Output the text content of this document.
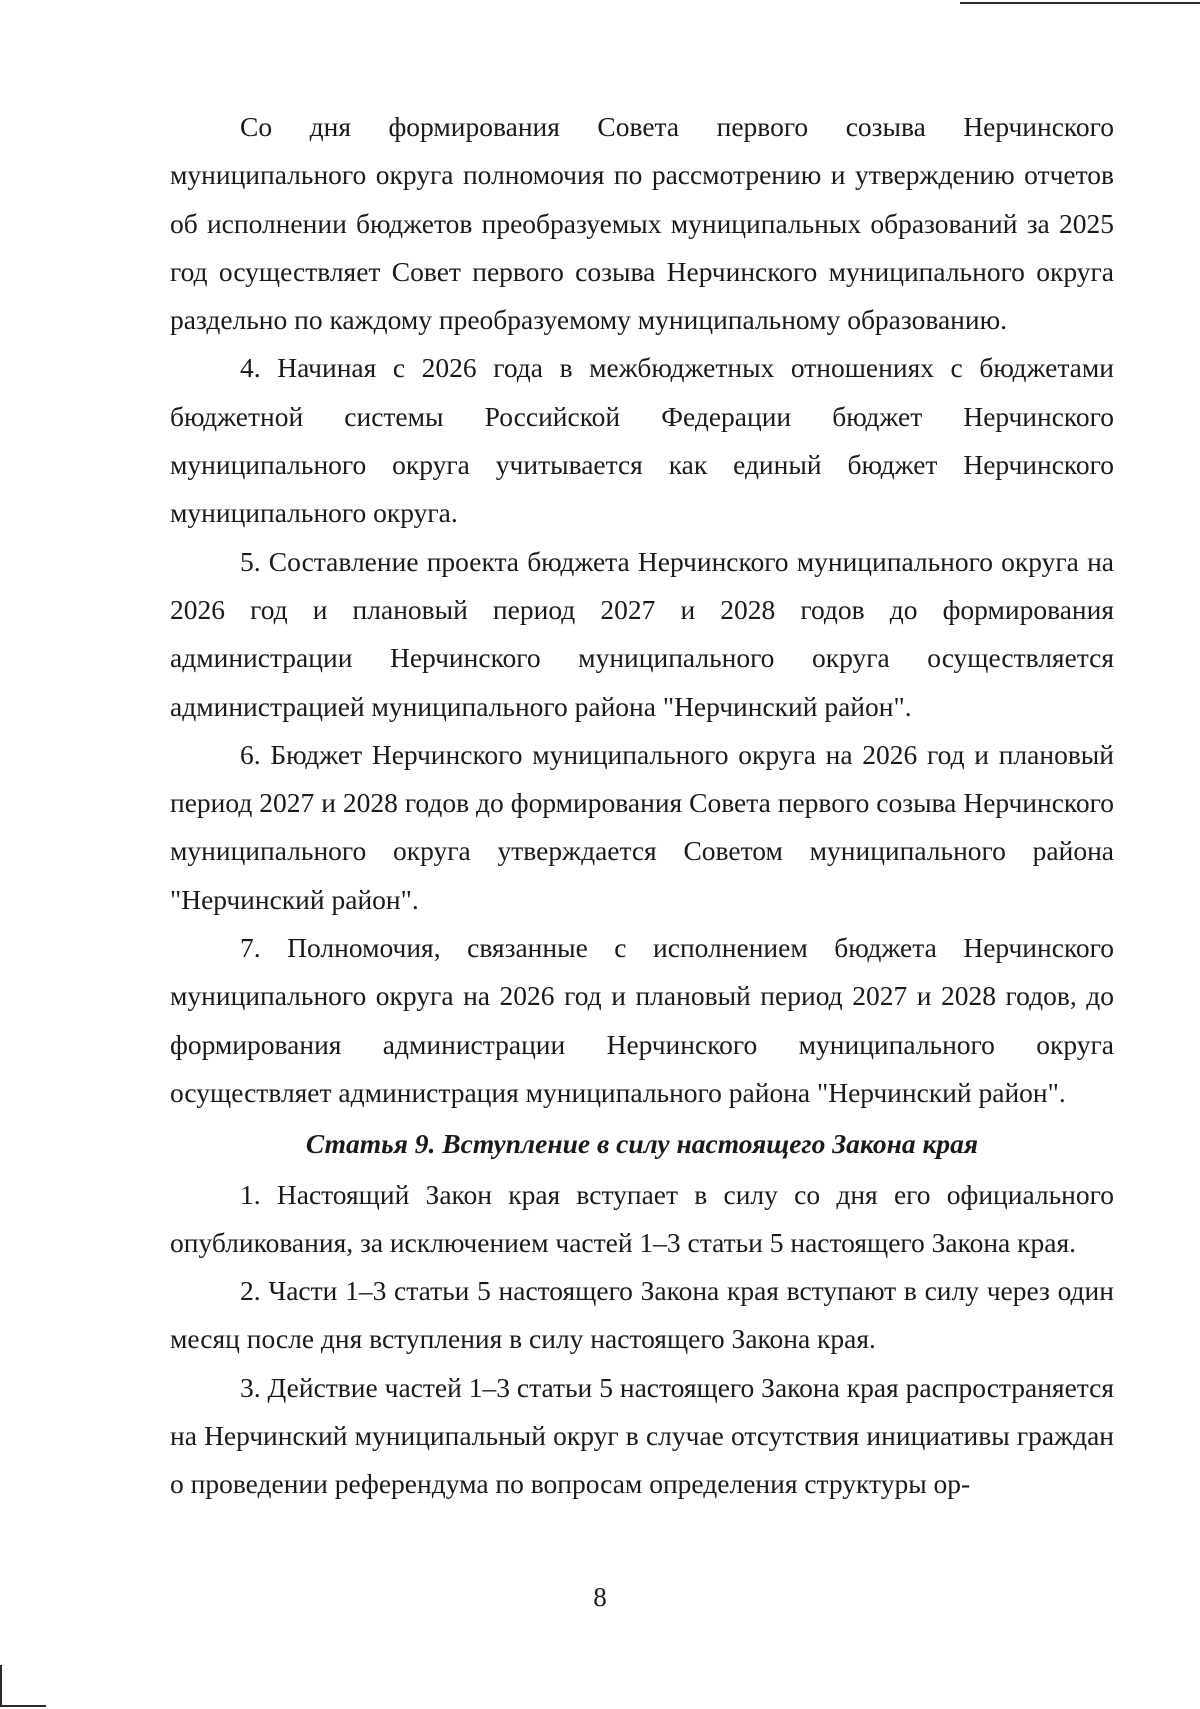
Со дня формирования Совета первого созыва Нерчинского муниципального округа полномочия по рассмотрению и утверждению отчетов об исполнении бюджетов преобразуемых муниципальных образований за 2025 год осуществляет Совет первого созыва Нерчинского муниципального округа раздельно по каждому преобразуемому муниципальному образованию.

4. Начиная с 2026 года в межбюджетных отношениях с бюджетами бюджетной системы Российской Федерации бюджет Нерчинского муниципального округа учитывается как единый бюджет Нерчинского муниципального округа.

5. Составление проекта бюджета Нерчинского муниципального округа на 2026 год и плановый период 2027 и 2028 годов до формирования администрации Нерчинского муниципального округа осуществляется администрацией муниципального района "Нерчинский район".

6. Бюджет Нерчинского муниципального округа на 2026 год и плановый период 2027 и 2028 годов до формирования Совета первого созыва Нерчинского муниципального округа утверждается Советом муниципального района "Нерчинский район".

7. Полномочия, связанные с исполнением бюджета Нерчинского муниципального округа на 2026 год и плановый период 2027 и 2028 годов, до формирования администрации Нерчинского муниципального округа осуществляет администрация муниципального района "Нерчинский район".

Статья 9. Вступление в силу настоящего Закона края

1. Настоящий Закон края вступает в силу со дня его официального опубликования, за исключением частей 1–3 статьи 5 настоящего Закона края.

2. Части 1–3 статьи 5 настоящего Закона края вступают в силу через один месяц после дня вступления в силу настоящего Закона края.

3. Действие частей 1–3 статьи 5 настоящего Закона края распространяется на Нерчинский муниципальный округ в случае отсутствия инициативы граждан о проведении референдума по вопросам определения структуры ор-

8
